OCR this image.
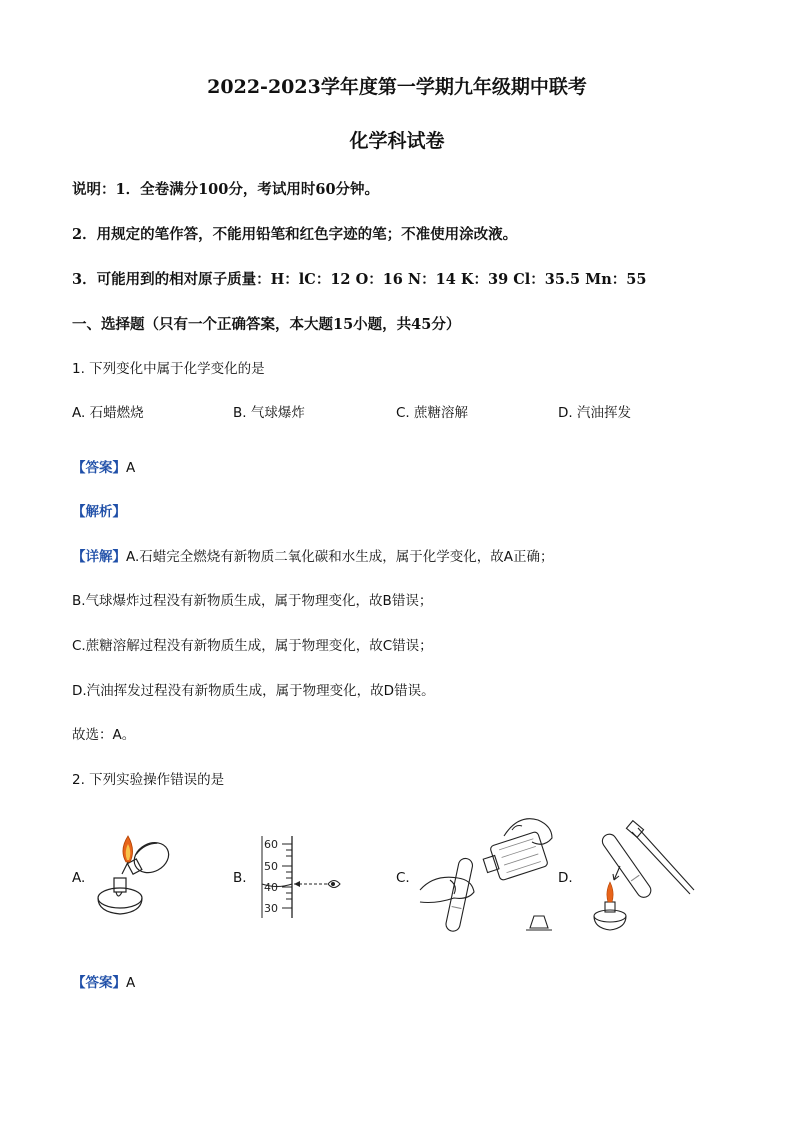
2022-2023学年度第一学期九年级期中联考
化学科试卷
说明：1．全卷满分100分，考试用时60分钟。
2．用规定的笔作答，不能用铅笔和红色字迹的笔；不准使用涂改液。
3．可能用到的相对原子质量：H：lC：12 O：16 N：14 K：39 Cl：35.5 Mn：55
一、选择题（只有一个正确答案，本大题15小题，共45分）
1. 下列变化中属于化学变化的是
A. 石蜡燃烧	B. 气球爆炸	C. 蔗糖溶解	D. 汽油挥发
【答案】A
【解析】
【详解】A.石蜡完全燃烧有新物质二氧化碳和水生成，属于化学变化，故A正确；
B.气球爆炸过程没有新物质生成，属于物理变化，故B错误；
C.蔗糖溶解过程没有新物质生成，属于物理变化，故C错误；
D.汽油挥发过程没有新物质生成，属于物理变化，故D错误。
故选：A。
2. 下列实验操作错误的是
A.	B.	C.	D.
60
50
40
30
【答案】A
